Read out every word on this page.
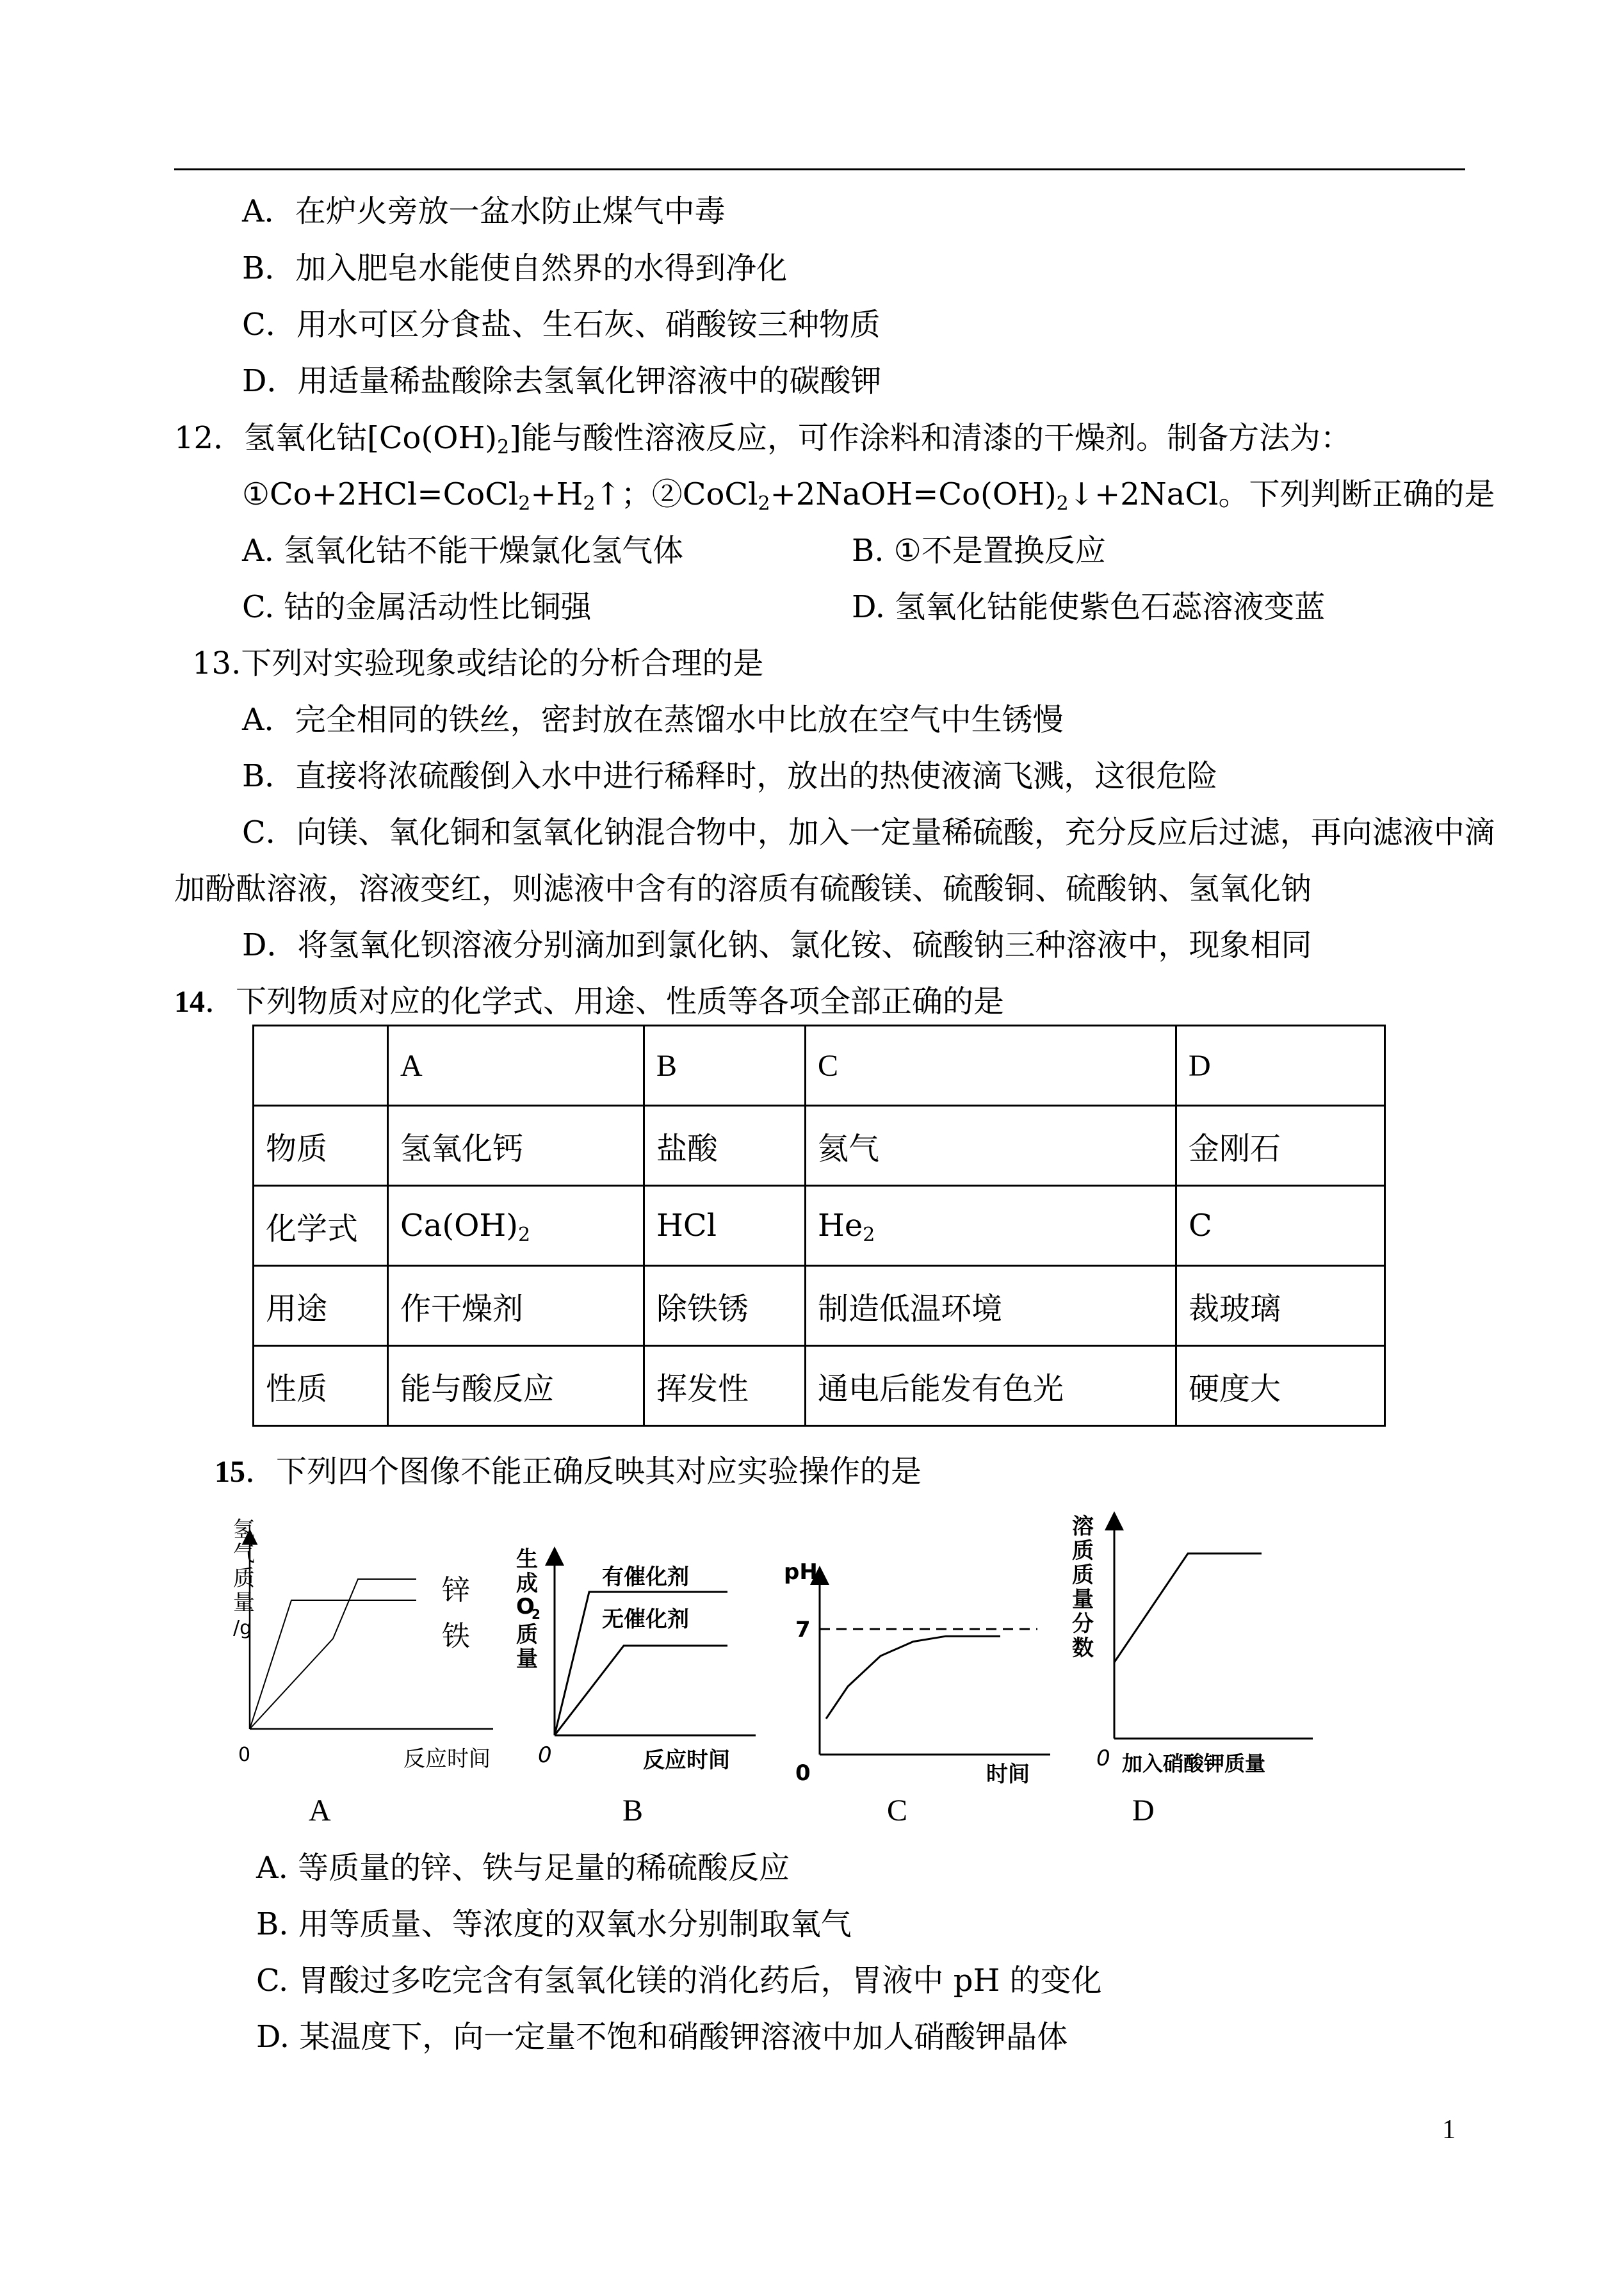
A．在炉火旁放一盆水防止煤气中毒
B．加入肥皂水能使自然界的水得到净化
C．用水可区分食盐、生石灰、硝酸铵三种物质
D．用适量稀盐酸除去氢氧化钾溶液中的碳酸钾
12．氢氧化钴$[Co(OH)_2]$能与酸性溶液反应，可作涂料和清漆的干燥剂。制备方法为：
$①Co+2HCl=CoCl_2+H_2↑$；$②CoCl_2+2NaOH=Co(OH)_2↓+2NaCl$。下列判断正确的是
A. 氢氧化钴不能干燥氯化氢气体	B. ①不是置换反应
C. 钴的金属活动性比铜强	D. 氢氧化钴能使紫色石蕊溶液变蓝
13.下列对实验现象或结论的分析合理的是
A．完全相同的铁丝，密封放在蒸馏水中比放在空气中生锈慢
B．直接将浓硫酸倒入水中进行稀释时，放出的热使液滴飞溅，这很危险
C．向镁、氧化铜和氢氧化钠混合物中，加入一定量稀硫酸，充分反应后过滤，再向滤液中滴
加酚酞溶液，溶液变红，则滤液中含有的溶质有硫酸镁、硫酸铜、硫酸钠、氢氧化钠
D．将氢氧化钡溶液分别滴加到氯化钠、氯化铵、硫酸钠三种溶液中，现象相同
14．下列物质对应的化学式、用途、性质等各项全部正确的是
	A	B	C	D
物质	氢氧化钙	盐酸	氦气	金刚石
化学式	$Ca(OH)_2$	HCl	$He_2$	C
用途	作干燥剂	除铁锈	制造低温环境	裁玻璃
性质	能与酸反应	挥发性	通电后能发有色光	硬度大
15．下列四个图像不能正确反映其对应实验操作的是
氢
气
质
量
/g
锌
铁
0	反应时间
生
成
O
2
质
量
有催化剂
无催化剂
0	反应时间
pH
7
0	时间
溶
质
质
量
分
数
0 加入硝酸钾质量
A	B	C	D
A. 等质量的锌、铁与足量的稀硫酸反应
B. 用等质量、等浓度的双氧水分别制取氧气
C. 胃酸过多吃完含有氢氧化镁的消化药后，胃液中 pH 的变化
D. 某温度下，向一定量不饱和硝酸钾溶液中加人硝酸钾晶体
1
